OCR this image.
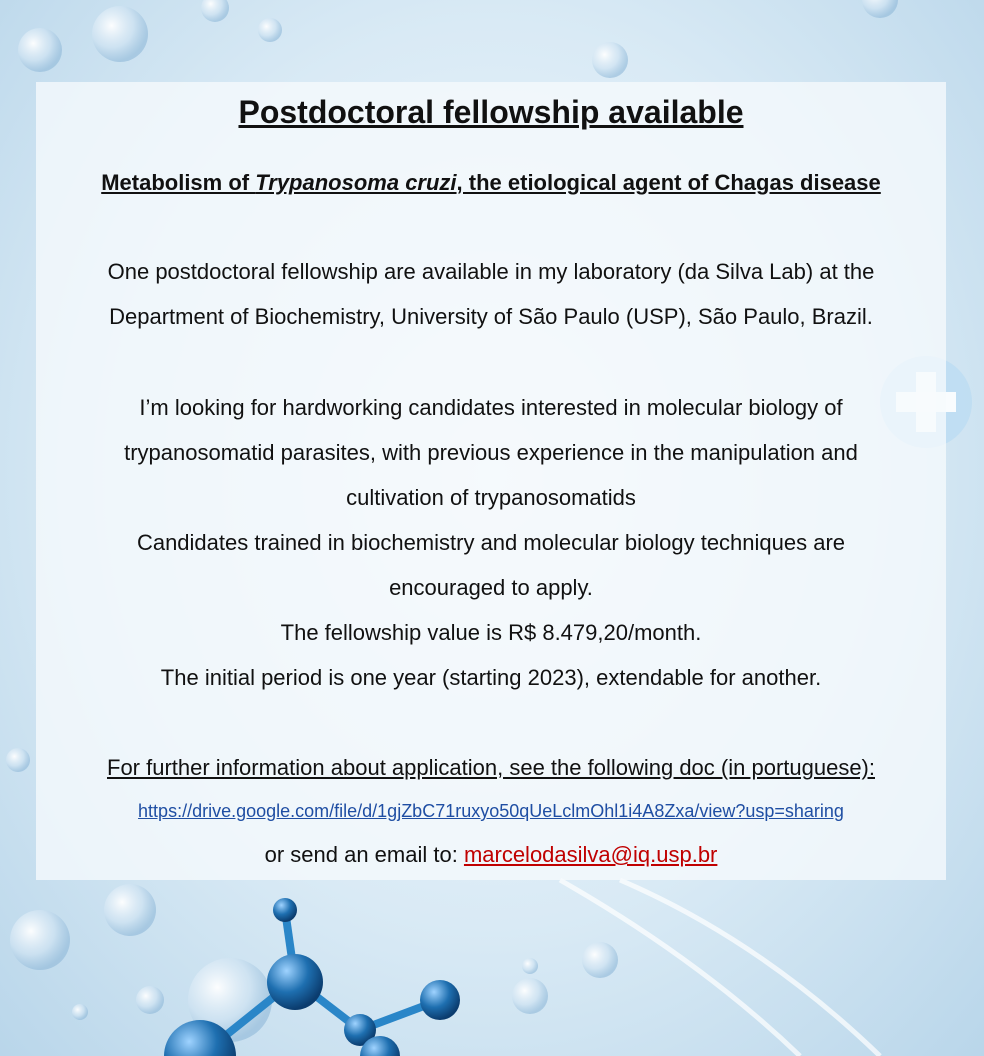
Postdoctoral fellowship available

Metabolism of Trypanosoma cruzi, the etiological agent of Chagas disease

One postdoctoral fellowship are available in my laboratory (da Silva Lab) at the

Department of Biochemistry, University of São Paulo (USP), São Paulo, Brazil.

I’m looking for hardworking candidates interested in molecular biology of

trypanosomatid parasites, with previous experience in the manipulation and

cultivation of trypanosomatids

Candidates trained in biochemistry and molecular biology techniques are

encouraged to apply.

The fellowship value is R$ 8.479,20/month.

The initial period is one year (starting 2023), extendable for another.

For further information about application, see the following doc (in portuguese):

https://drive.google.com/file/d/1gjZbC71ruxyo50qUeLclmOhl1i4A8Zxa/view?usp=sharing

or send an email to: marcelodasilva@iq.usp.br
